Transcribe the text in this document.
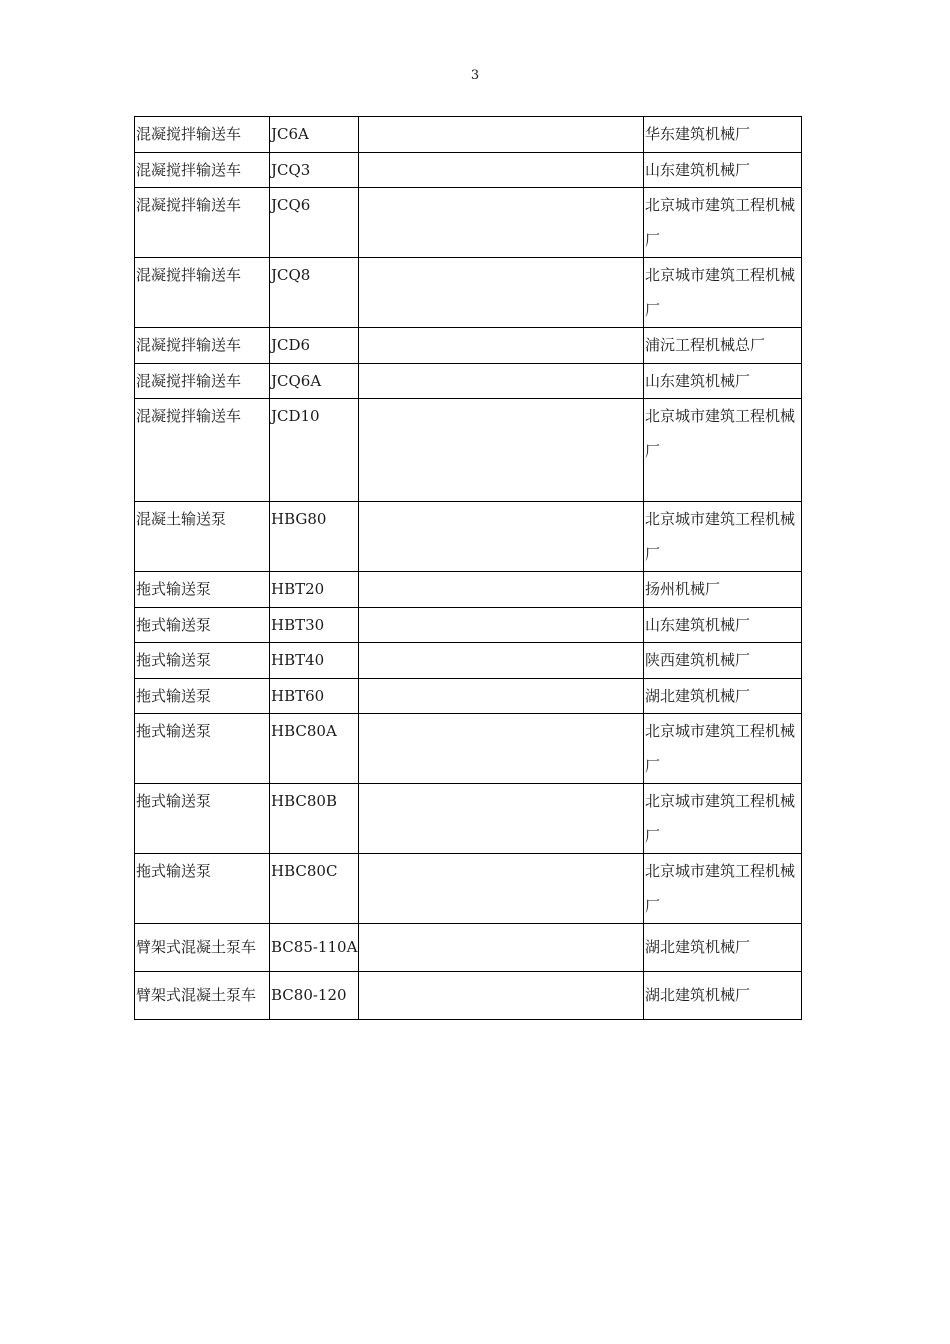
3
混凝搅拌输送车	JC6A		华东建筑机械厂
混凝搅拌输送车	JCQ3		山东建筑机械厂
混凝搅拌输送车	JCQ6		北京城市建筑工程机械厂
混凝搅拌输送车	JCQ8		北京城市建筑工程机械厂
混凝搅拌输送车	JCD6		浦沅工程机械总厂
混凝搅拌输送车	JCQ6A		山东建筑机械厂
混凝搅拌输送车	JCD10		北京城市建筑工程机械
厂
混凝土输送泵	HBG80		北京城市建筑工程机械厂
拖式输送泵	HBT20		扬州机械厂
拖式输送泵	HBT30		山东建筑机械厂
拖式输送泵	HBT40		陕西建筑机械厂
拖式输送泵	HBT60		湖北建筑机械厂
拖式输送泵	HBC80A		北京城市建筑工程机械厂
拖式输送泵	HBC80B		北京城市建筑工程机械厂
拖式输送泵	HBC80C		北京城市建筑工程机械厂
臂架式混凝土泵车	BC85-110A		湖北建筑机械厂
臂架式混凝土泵车	BC80-120		湖北建筑机械厂
